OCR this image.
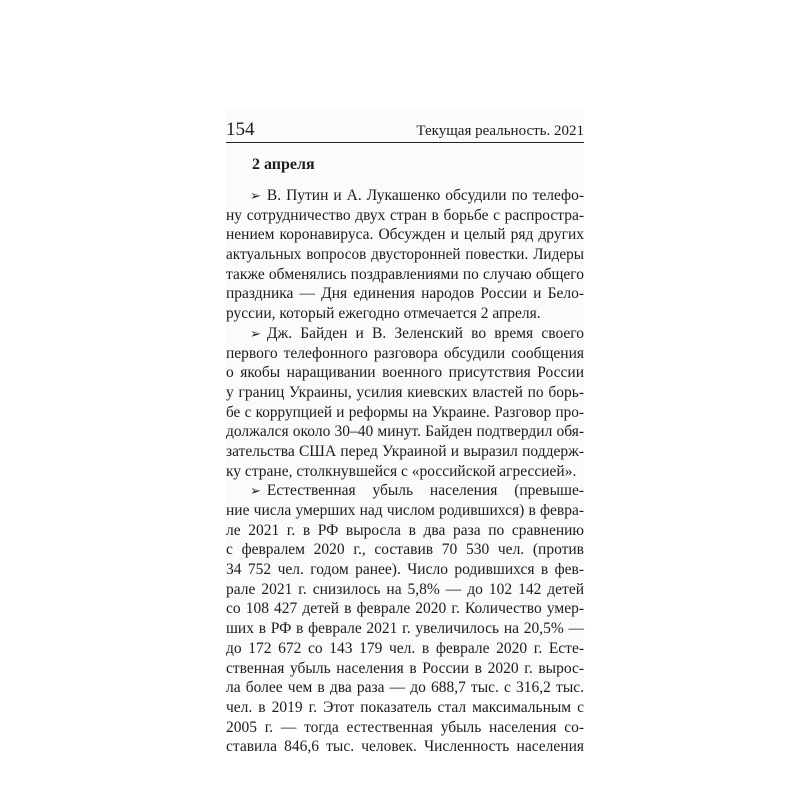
154	Текущая реальность. 2021
2 апреля
➢ В. Путин и А. Лукашенко обсудили по телефо-
ну сотрудничество двух стран в борьбе с распростра-
нением коронавируса. Обсужден и целый ряд других
актуальных вопросов двусторонней повестки. Лидеры
также обменялись поздравлениями по случаю общего
праздника — Дня единения народов России и Бело-
руссии, который ежегодно отмечается 2 апреля.
➢ Дж. Байден и В. Зеленский во время своего
первого телефонного разговора обсудили сообщения
о якобы наращивании военного присутствия России
у границ Украины, усилия киевских властей по борь-
бе с коррупцией и реформы на Украине. Разговор про-
должался около 30–40 минут. Байден подтвердил обя-
зательства США перед Украиной и выразил поддерж-
ку стране, столкнувшейся с «российской агрессией».
➢ Естественная убыль населения (превыше-
ние числа умерших над числом родившихся) в февра-
ле 2021 г. в РФ выросла в два раза по сравнению
с февралем 2020 г., составив 70 530 чел. (против
34 752 чел. годом ранее). Число родившихся в фев-
рале 2021 г. снизилось на 5,8% — до 102 142 детей
со 108 427 детей в феврале 2020 г. Количество умер-
ших в РФ в феврале 2021 г. увеличилось на 20,5% —
до 172 672 со 143 179 чел. в феврале 2020 г. Есте-
ственная убыль населения в России в 2020 г. вырос-
ла более чем в два раза — до 688,7 тыс. с 316,2 тыс.
чел. в 2019 г. Этот показатель стал максимальным с
2005 г. — тогда естественная убыль населения со-
ставила 846,6 тыс. человек. Численность населения
